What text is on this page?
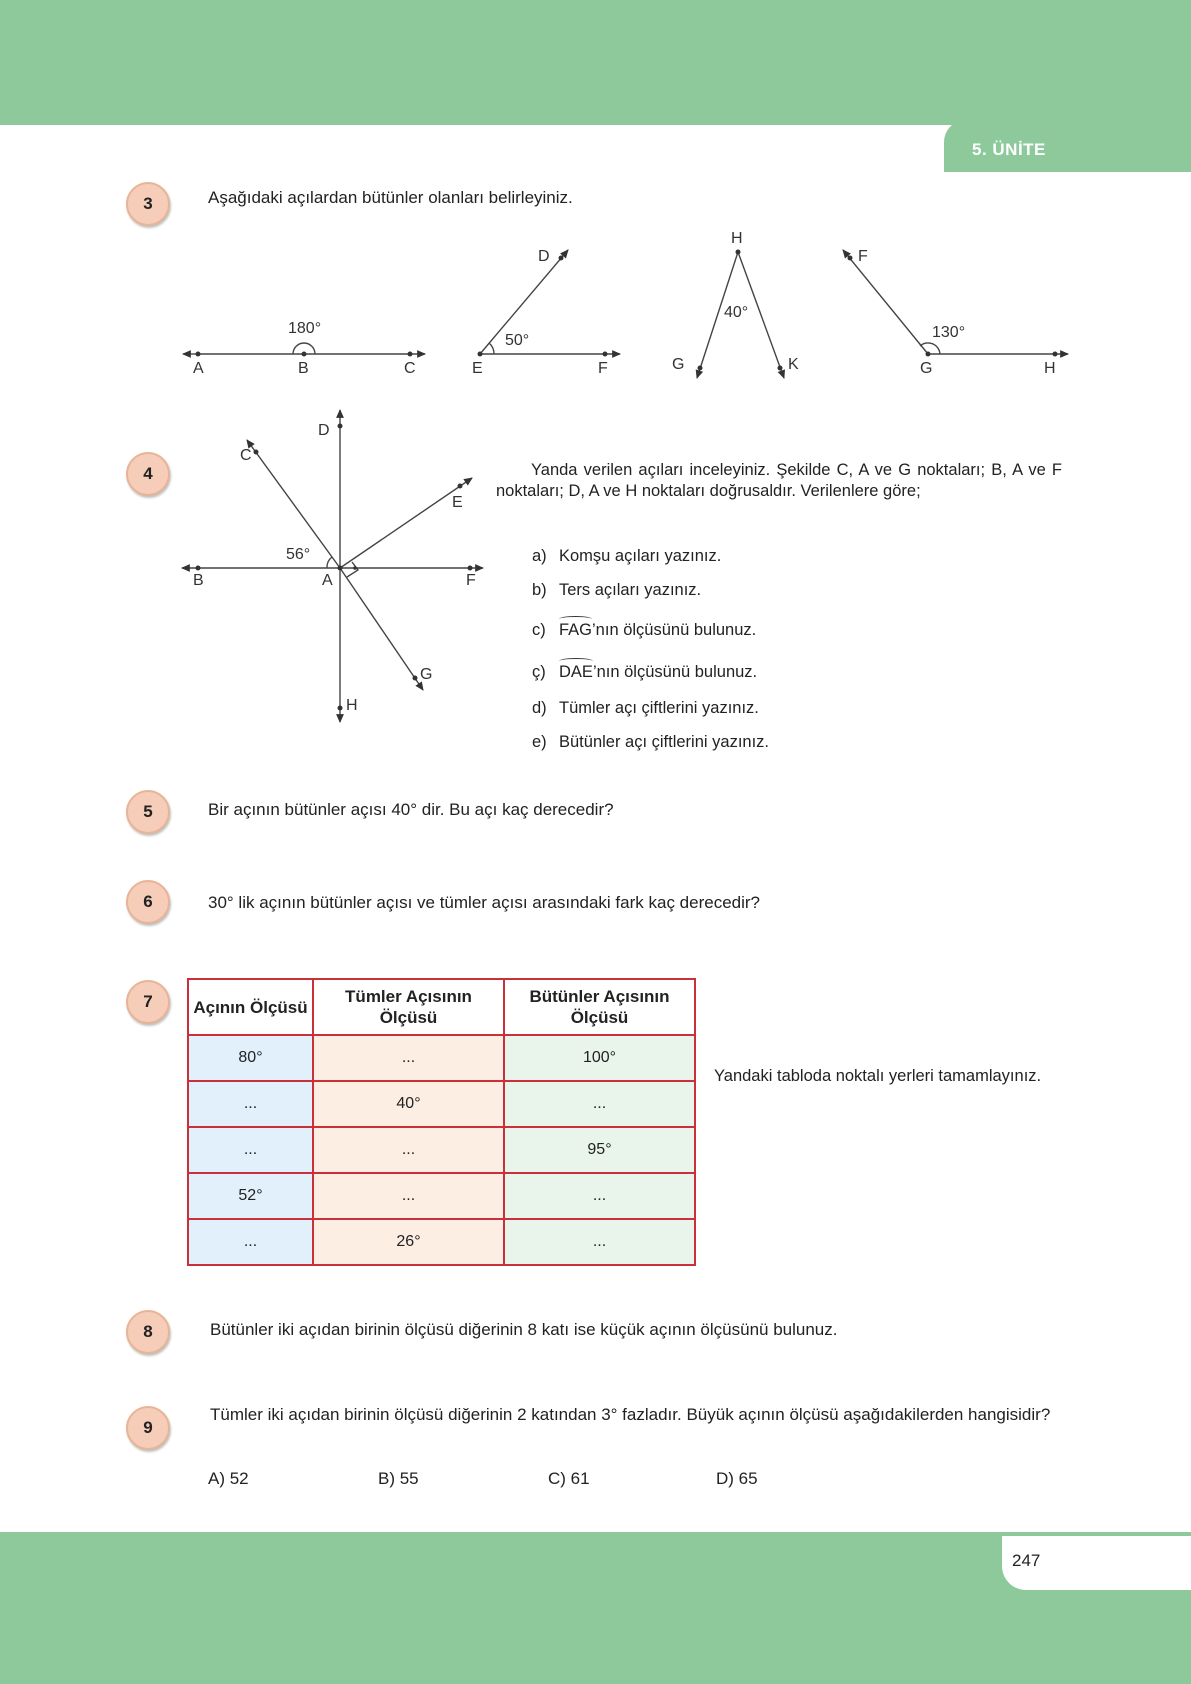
5. ÜNİTE
3	Aşağıdaki açılardan bütünler olanları belirleyiniz.
A	B	C
180°
D
E	F
50°
H
G	K
40°
F
G	H
130°
4
C
D
E
B	A	F
G
H
56°
Yanda verilen açıları inceleyiniz. Şekilde C, A ve G noktaları; B, A ve F noktaları; D, A ve H noktaları doğrusaldır. Verilenlere göre;
a) Komşu açıları yazınız.
b) Ters açıları yazınız.
c) FAG’nın ölçüsünü bulunuz.
ç) DAE’nın ölçüsünü bulunuz.
d) Tümler açı çiftlerini yazınız.
e) Bütünler açı çiftlerini yazınız.
5	Bir açının bütünler açısı 40° dir. Bu açı kaç derecedir?
6	30° lik açının bütünler açısı ve tümler açısı arasındaki fark kaç derecedir?
7	Açının Ölçüsü	Tümler Açısının Ölçüsü	Bütünler Açısının Ölçüsü
80°	...	100°
...	40°	...
...	...	95°
52°	...	...
...	26°	...
Yandaki tabloda noktalı yerleri tamamlayınız.
8	Bütünler iki açıdan birinin ölçüsü diğerinin 8 katı ise küçük açının ölçüsünü bulunuz.
9
Tümler iki açıdan birinin ölçüsü diğerinin 2 katından 3° fazladır. Büyük açının ölçüsü aşağıdakilerden hangisidir?
A) 52	B) 55	C) 61	D) 65
247
